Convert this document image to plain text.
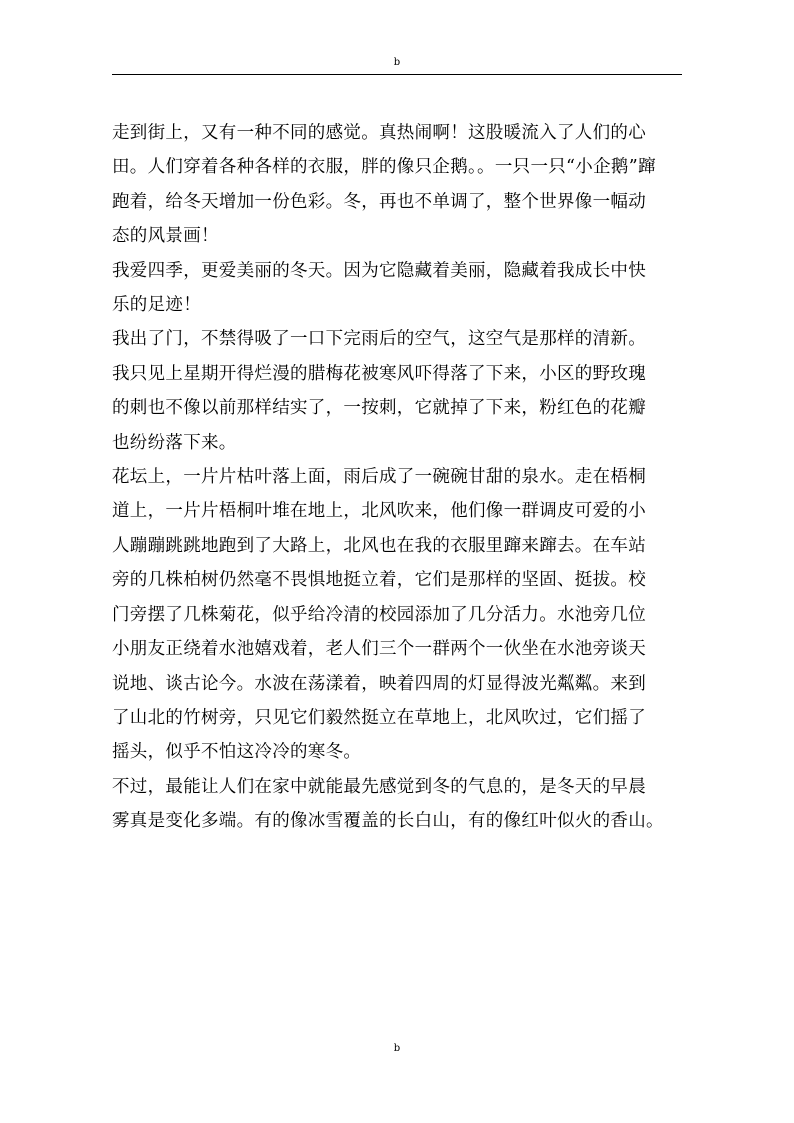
b
走到街上，又有一种不同的感觉。真热闹啊！这股暖流入了人们的心
田。人们穿着各种各样的衣服，胖的像只企鹅。。一只一只“小企鹅”蹿
跑着，给冬天增加一份色彩。冬，再也不单调了，整个世界像一幅动
态的风景画！
我爱四季，更爱美丽的冬天。因为它隐藏着美丽，隐藏着我成长中快
乐的足迹！
我出了门，不禁得吸了一口下完雨后的空气，这空气是那样的清新。
我只见上星期开得烂漫的腊梅花被寒风吓得落了下来，小区的野玫瑰
的刺也不像以前那样结实了，一按刺，它就掉了下来，粉红色的花瓣
也纷纷落下来。
花坛上，一片片枯叶落上面，雨后成了一碗碗甘甜的泉水。走在梧桐
道上，一片片梧桐叶堆在地上，北风吹来，他们像一群调皮可爱的小
人蹦蹦跳跳地跑到了大路上，北风也在我的衣服里蹿来蹿去。在车站
旁的几株柏树仍然毫不畏惧地挺立着，它们是那样的坚固、挺拔。校
门旁摆了几株菊花，似乎给冷清的校园添加了几分活力。水池旁几位
小朋友正绕着水池嬉戏着，老人们三个一群两个一伙坐在水池旁谈天
说地、谈古论今。水波在荡漾着，映着四周的灯显得波光粼粼。来到
了山北的竹树旁，只见它们毅然挺立在草地上，北风吹过，它们摇了
摇头，似乎不怕这冷冷的寒冬。
不过，最能让人们在家中就能最先感觉到冬的气息的，是冬天的早晨
雾真是变化多端。有的像冰雪覆盖的长白山，有的像红叶似火的香山。
b
